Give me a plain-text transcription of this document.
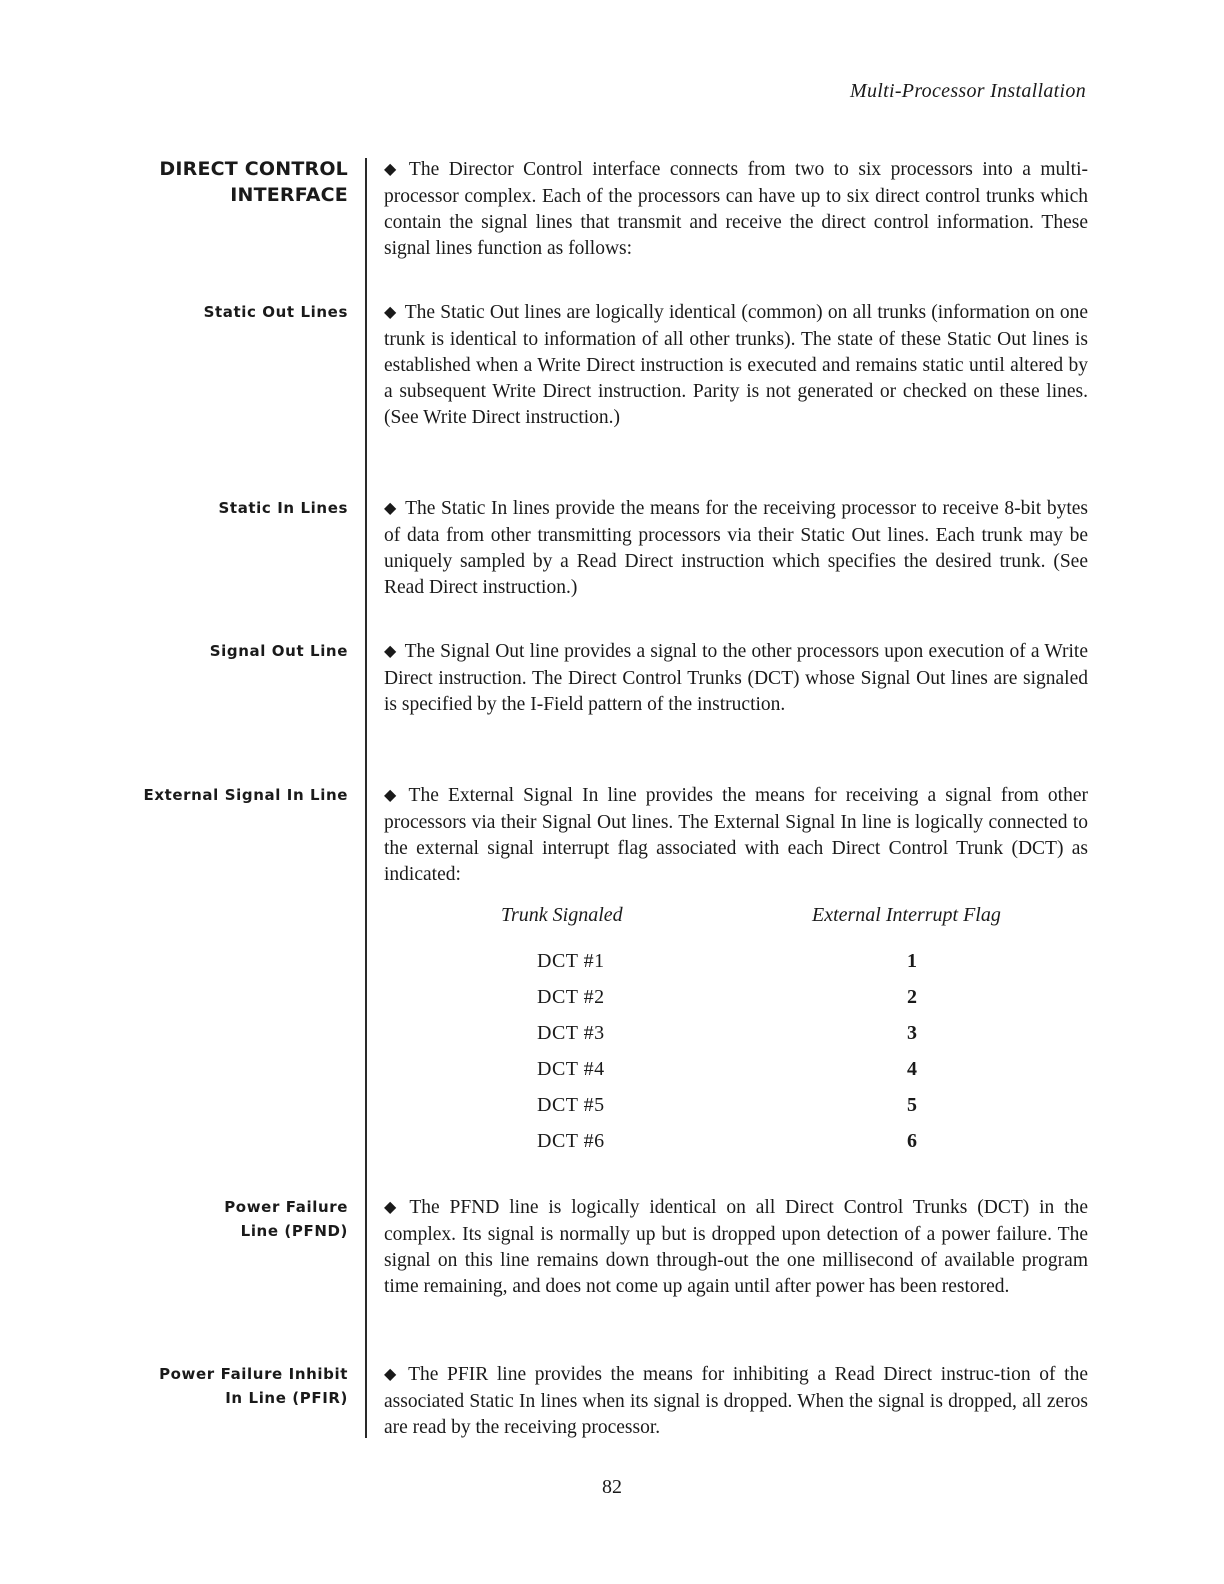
Multi-Processor Installation
DIRECT CONTROL
INTERFACE
◆ The Director Control interface connects from two to six processors into a multi-processor complex. Each of the processors can have up to six direct control trunks which contain the signal lines that transmit and receive the direct control information. These signal lines function as follows:
Static Out Lines ◆ The Static Out lines are logically identical (common) on all trunks (information on one trunk is identical to information of all other trunks). The state of these Static Out lines is established when a Write Direct instruction is executed and remains static until altered by a subsequent Write Direct instruction. Parity is not generated or checked on these lines. (See Write Direct instruction.)
Static In Lines ◆ The Static In lines provide the means for the receiving processor to receive 8-bit bytes of data from other transmitting processors via their Static Out lines. Each trunk may be uniquely sampled by a Read Direct instruction which specifies the desired trunk. (See Read Direct instruction.)
Signal Out Line ◆ The Signal Out line provides a signal to the other processors upon execution of a Write Direct instruction. The Direct Control Trunks (DCT) whose Signal Out lines are signaled is specified by the I-Field pattern of the instruction.
External Signal In Line ◆ The External Signal In line provides the means for receiving a signal from other processors via their Signal Out lines. The External Signal In line is logically connected to the external signal interrupt flag associated with each Direct Control Trunk (DCT) as indicated:
Trunk Signaled	External Interrupt Flag
DCT #1	1
DCT #2	2
DCT #3	3
DCT #4	4
DCT #5	5
DCT #6	6
Power Failure
Line (PFND)
◆ The PFND line is logically identical on all Direct Control Trunks (DCT) in the complex. Its signal is normally up but is dropped upon detection of a power failure. The signal on this line remains down through-out the one millisecond of available program time remaining, and does not come up again until after power has been restored.
Power Failure Inhibit
In Line (PFIR)
◆ The PFIR line provides the means for inhibiting a Read Direct instruc-tion of the associated Static In lines when its signal is dropped. When the signal is dropped, all zeros are read by the receiving processor.
82
